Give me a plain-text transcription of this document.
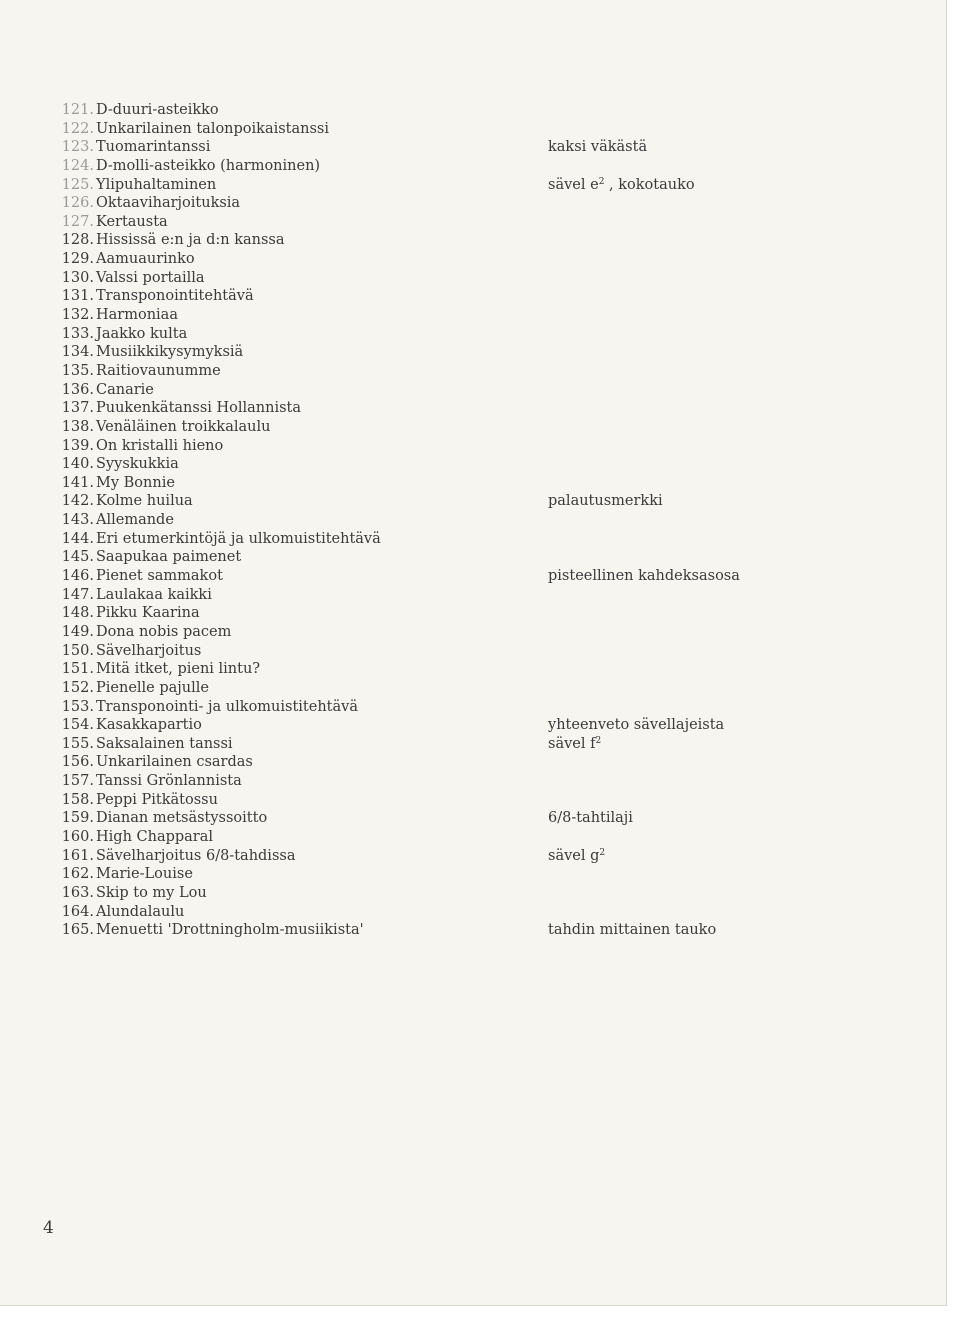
121. D-duuri-asteikko
122. Unkarilainen talonpoikaistanssi
123. Tuomarintanssi	kaksi väkästä
124. D-molli-asteikko (harmoninen)
125. Ylipuhaltaminen	sävel $e^2$ , kokotauko
126. Oktaaviharjoituksia
127. Kertausta
128. Hississä e:n ja d:n kanssa
129. Aamuaurinko
130. Valssi portailla
131. Transponointitehtävä
132. Harmoniaa
133. Jaakko kulta
134. Musiikkikysymyksiä
135. Raitiovaunumme
136. Canarie
137. Puukenkätanssi Hollannista
138. Venäläinen troikkalaulu
139. On kristalli hieno
140. Syyskukkia
141. My Bonnie
142. Kolme huilua	palautusmerkki
143. Allemande
144. Eri etumerkintöjä ja ulkomuistitehtävä
145. Saapukaa paimenet
146. Pienet sammakot	pisteellinen kahdeksasosa
147. Laulakaa kaikki
148. Pikku Kaarina
149. Dona nobis pacem
150. Sävelharjoitus
151. Mitä itket, pieni lintu?
152. Pienelle pajulle
153. Transponointi- ja ulkomuistitehtävä
154. Kasakkapartio	yhteenveto sävellajeista
155. Saksalainen tanssi	sävel $f^2$
156. Unkarilainen csardas
157. Tanssi Grönlannista
158. Peppi Pitkätossu
159. Dianan metsästyssoitto	6/8-tahtilaji
160. High Chapparal
161. Sävelharjoitus 6/8-tahdissa	sävel $g^2$
162. Marie-Louise
163. Skip to my Lou
164. Alundalaulu
165. Menuetti 'Drottningholm-musiikista'	tahdin mittainen tauko
4
